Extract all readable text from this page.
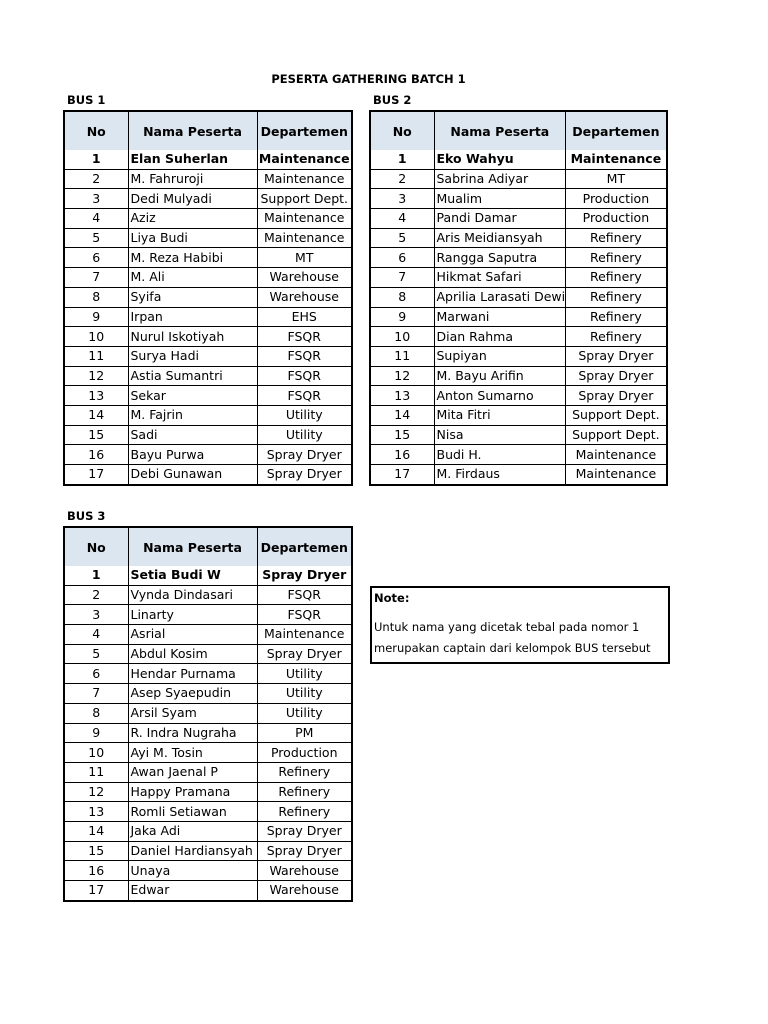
PESERTA GATHERING BATCH 1
BUS 1	BUS 2
BUS 3
No	Nama Peserta	Departemen
1	Elan Suherlan	Maintenance
2	M. Fahruroji	Maintenance
3	Dedi Mulyadi	Support Dept.
4	Aziz	Maintenance
5	Liya Budi	Maintenance
6	M. Reza Habibi	MT
7	M. Ali	Warehouse
8	Syifa	Warehouse
9	Irpan	EHS
10	Nurul Iskotiyah	FSQR
11	Surya Hadi	FSQR
12	Astia Sumantri	FSQR
13	Sekar	FSQR
14	M. Fajrin	Utility
15	Sadi	Utility
16	Bayu Purwa	Spray Dryer
17	Debi Gunawan	Spray Dryer
No	Nama Peserta	Departemen
1	Eko Wahyu	Maintenance
2	Sabrina Adiyar	MT
3	Mualim	Production
4	Pandi Damar	Production
5	Aris Meidiansyah	Refinery
6	Rangga Saputra	Refinery
7	Hikmat Safari	Refinery
8	Aprilia Larasati Dewi	Refinery
9	Marwani	Refinery
10	Dian Rahma	Refinery
11	Supiyan	Spray Dryer
12	M. Bayu Arifin	Spray Dryer
13	Anton Sumarno	Spray Dryer
14	Mita Fitri	Support Dept.
15	Nisa	Support Dept.
16	Budi H.	Maintenance
17	M. Firdaus	Maintenance
No	Nama Peserta	Departemen
1	Setia Budi W	Spray Dryer
2	Vynda Dindasari	FSQR
3	Linarty	FSQR
4	Asrial	Maintenance
5	Abdul Kosim	Spray Dryer
6	Hendar Purnama	Utility
7	Asep Syaepudin	Utility
8	Arsil Syam	Utility
9	R. Indra Nugraha	PM
10	Ayi M. Tosin	Production
11	Awan Jaenal P	Refinery
12	Happy Pramana	Refinery
13	Romli Setiawan	Refinery
14	Jaka Adi	Spray Dryer
15	Daniel Hardiansyah	Spray Dryer
16	Unaya	Warehouse
17	Edwar	Warehouse
Note:
Untuk nama yang dicetak tebal pada nomor 1
merupakan captain dari kelompok BUS tersebut
